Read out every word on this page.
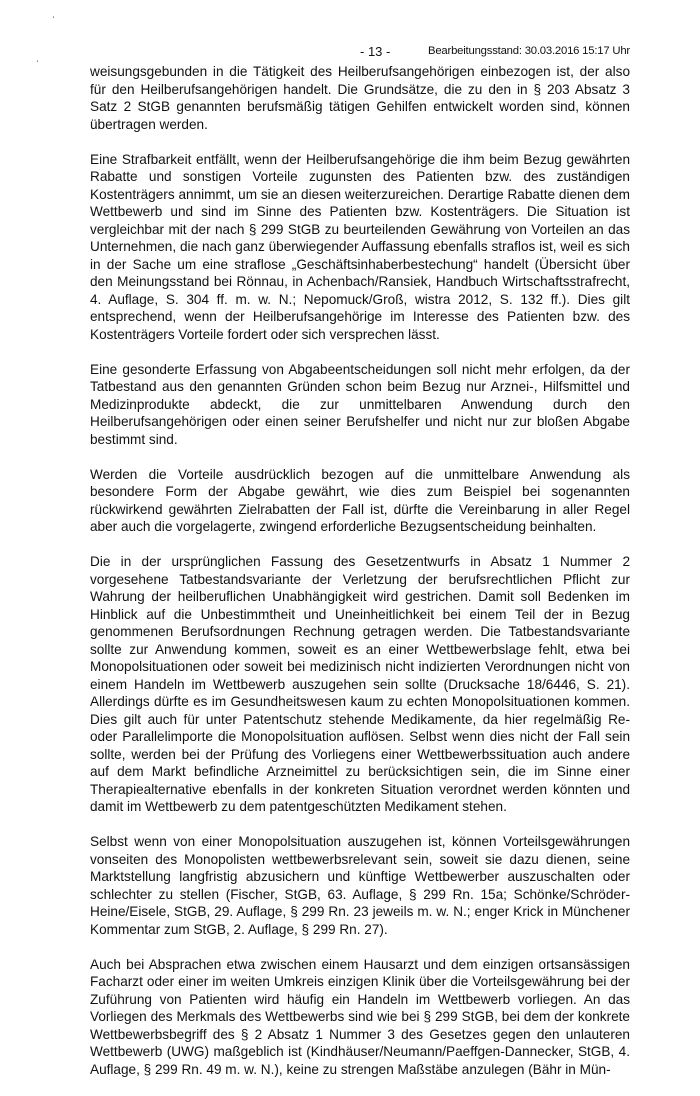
ˌ
ˌ	- 13 -	Bearbeitungsstand: 30.03.2016 15:17 Uhr

weisungsgebunden in die Tätigkeit des Heilberufsangehörigen einbezogen ist, der also für den Heilberufsangehörigen handelt. Die Grundsätze, die zu den in § 203 Absatz 3 Satz 2 StGB genannten berufsmäßig tätigen Gehilfen entwickelt worden sind, können übertragen werden.

Eine Strafbarkeit entfällt, wenn der Heilberufsangehörige die ihm beim Bezug gewährten Rabatte und sonstigen Vorteile zugunsten des Patienten bzw. des zuständigen Kostenträgers annimmt, um sie an diesen weiterzureichen. Derartige Rabatte dienen dem Wettbewerb und sind im Sinne des Patienten bzw. Kostenträgers. Die Situation ist vergleichbar mit der nach § 299 StGB zu beurteilenden Gewährung von Vorteilen an das Unternehmen, die nach ganz überwiegender Auffassung ebenfalls straflos ist, weil es sich in der Sache um eine straflose „Geschäftsinhaberbestechung“ handelt (Übersicht über den Meinungsstand bei Rönnau, in Achenbach/Ransiek, Handbuch Wirtschaftsstrafrecht, 4. Auflage, S. 304 ff. m. w. N.; Nepomuck/Groß, wistra 2012, S. 132 ff.). Dies gilt entsprechend, wenn der Heilberufsangehörige im Interesse des Patienten bzw. des Kostenträgers Vorteile fordert oder sich versprechen lässt.

Eine gesonderte Erfassung von Abgabeentscheidungen soll nicht mehr erfolgen, da der Tatbestand aus den genannten Gründen schon beim Bezug nur Arznei-, Hilfsmittel und Medizinprodukte abdeckt, die zur unmittelbaren Anwendung durch den Heilberufsangehörigen oder einen seiner Berufshelfer und nicht nur zur bloßen Abgabe bestimmt sind.

Werden die Vorteile ausdrücklich bezogen auf die unmittelbare Anwendung als besondere Form der Abgabe gewährt, wie dies zum Beispiel bei sogenannten rückwirkend gewährten Zielrabatten der Fall ist, dürfte die Vereinbarung in aller Regel aber auch die vorgelagerte, zwingend erforderliche Bezugsentscheidung beinhalten.

Die in der ursprünglichen Fassung des Gesetzentwurfs in Absatz 1 Nummer 2 vorgesehene Tatbestandsvariante der Verletzung der berufsrechtlichen Pflicht zur Wahrung der heilberuflichen Unabhängigkeit wird gestrichen. Damit soll Bedenken im Hinblick auf die Unbestimmtheit und Uneinheitlichkeit bei einem Teil der in Bezug genommenen Berufsordnungen Rechnung getragen werden. Die Tatbestandsvariante sollte zur Anwendung kommen, soweit es an einer Wettbewerbslage fehlt, etwa bei Monopolsituationen oder soweit bei medizinisch nicht indizierten Verordnungen nicht von einem Handeln im Wettbewerb auszugehen sein sollte (Drucksache 18/6446, S. 21). Allerdings dürfte es im Gesundheitswesen kaum zu echten Monopolsituationen kommen. Dies gilt auch für unter Patentschutz stehende Medikamente, da hier regelmäßig Re- oder Parallelimporte die Monopolsituation auflösen. Selbst wenn dies nicht der Fall sein sollte, werden bei der Prüfung des Vorliegens einer Wettbewerbssituation auch andere auf dem Markt befindliche Arzneimittel zu berücksichtigen sein, die im Sinne einer Therapiealternative ebenfalls in der konkreten Situation verordnet werden könnten und damit im Wettbewerb zu dem patentgeschützten Medikament stehen.

Selbst wenn von einer Monopolsituation auszugehen ist, können Vorteilsgewährungen vonseiten des Monopolisten wettbewerbsrelevant sein, soweit sie dazu dienen, seine Marktstellung langfristig abzusichern und künftige Wettbewerber auszuschalten oder schlechter zu stellen (Fischer, StGB, 63. Auflage, § 299 Rn. 15a; Schönke/Schröder-Heine/Eisele, StGB, 29. Auflage, § 299 Rn. 23 jeweils m. w. N.; enger Krick in Münchener Kommentar zum StGB, 2. Auflage, § 299 Rn. 27).

Auch bei Absprachen etwa zwischen einem Hausarzt und dem einzigen ortsansässigen Facharzt oder einer im weiten Umkreis einzigen Klinik über die Vorteilsgewährung bei der Zuführung von Patienten wird häufig ein Handeln im Wettbewerb vorliegen. An das Vorliegen des Merkmals des Wettbewerbs sind wie bei § 299 StGB, bei dem der konkrete Wettbewerbsbegriff des § 2 Absatz 1 Nummer 3 des Gesetzes gegen den unlauteren Wettbewerb (UWG) maßgeblich ist (Kindhäuser/Neumann/Paeffgen-Dannecker, StGB, 4. Auflage, § 299 Rn. 49 m. w. N.), keine zu strengen Maßstäbe anzulegen (Bähr in Mün-
